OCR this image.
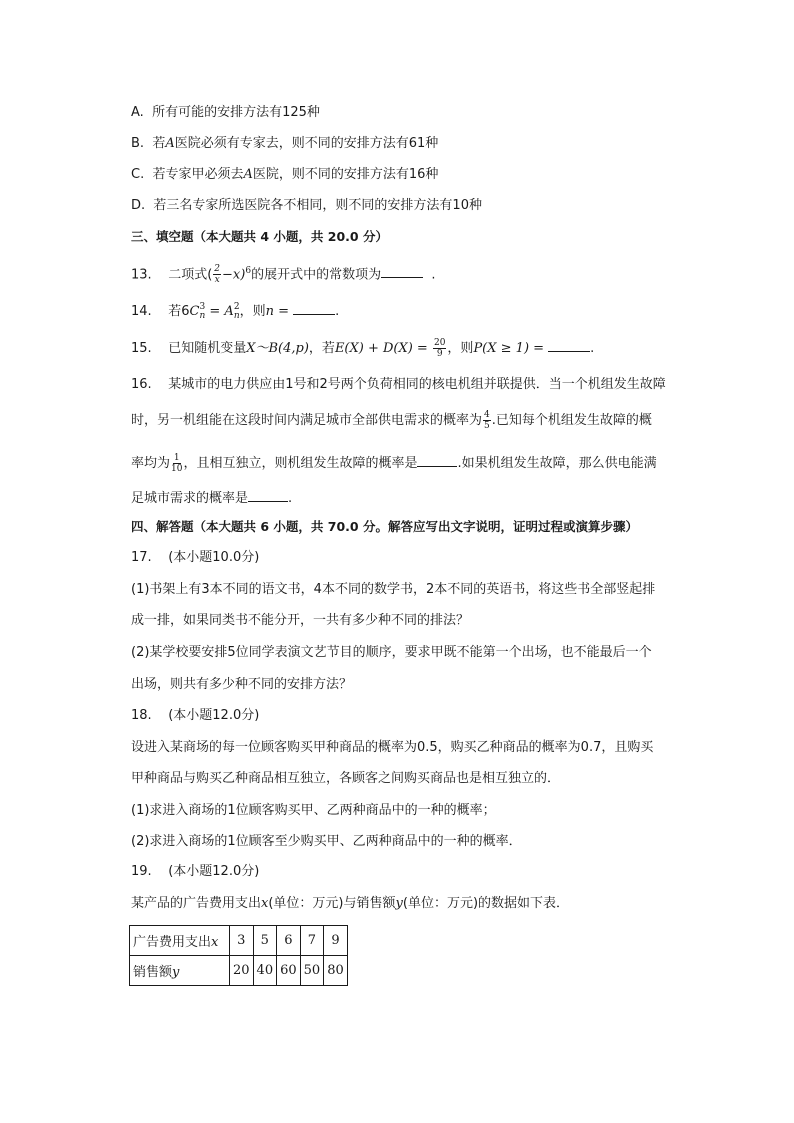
A. 所有可能的安排方法有125种
B. 若A医院必须有专家去，则不同的安排方法有61种
C. 若专家甲必须去A医院，则不同的安排方法有16种
D. 若三名专家所选医院各不相同，则不同的安排方法有10种
三、填空题（本大题共 4 小题，共 20.0 分）
13. 二项式( $\frac{2}{x} -x)^6$的展开式中的常数项为	.
14. 若6C 3
n = A 2
n ，则n =	.
15. 已知随机变量X～B(4,p)，若$E(X) + D(X) = \frac{20}{9}$ ，则P(X ≥ 1) =	.
16. 某城市的电力供应由1号和2号两个负荷相同的核电机组并联提供．当一个机组发生故障
时，另一机组能在这段时间内满足城市全部供电需求的概率为 $\frac{4}{5}$ .已知每个机组发生故障的概
率均为 $\frac{1}{10}$ ，且相互独立，则机组发生故障的概率是	.如果机组发生故障，那么供电能满
足城市需求的概率是	.
四、解答题（本大题共 6 小题，共 70.0 分。解答应写出文字说明，证明过程或演算步骤）
17. (本小题10.0分)
(1)书架上有3本不同的语文书，4本不同的数学书，2本不同的英语书，将这些书全部竖起排
成一排，如果同类书不能分开，一共有多少种不同的排法？
(2)某学校要安排5位同学表演文艺节目的顺序，要求甲既不能第一个出场，也不能最后一个
出场，则共有多少种不同的安排方法？
18. (本小题12.0分)
设进入某商场的每一位顾客购买甲种商品的概率为0.5，购买乙种商品的概率为0.7，且购买
甲种商品与购买乙种商品相互独立，各顾客之间购买商品也是相互独立的．
(1)求进入商场的1位顾客购买甲、乙两种商品中的一种的概率；
(2)求进入商场的1位顾客至少购买甲、乙两种商品中的一种的概率．
19. (本小题12.0分)
某产品的广告费用支出x(单位：万元)与销售额y(单位：万元)的数据如下表．
广告费用支出x	3	5	6	7	9
销售额y	20	40	60	50	80
